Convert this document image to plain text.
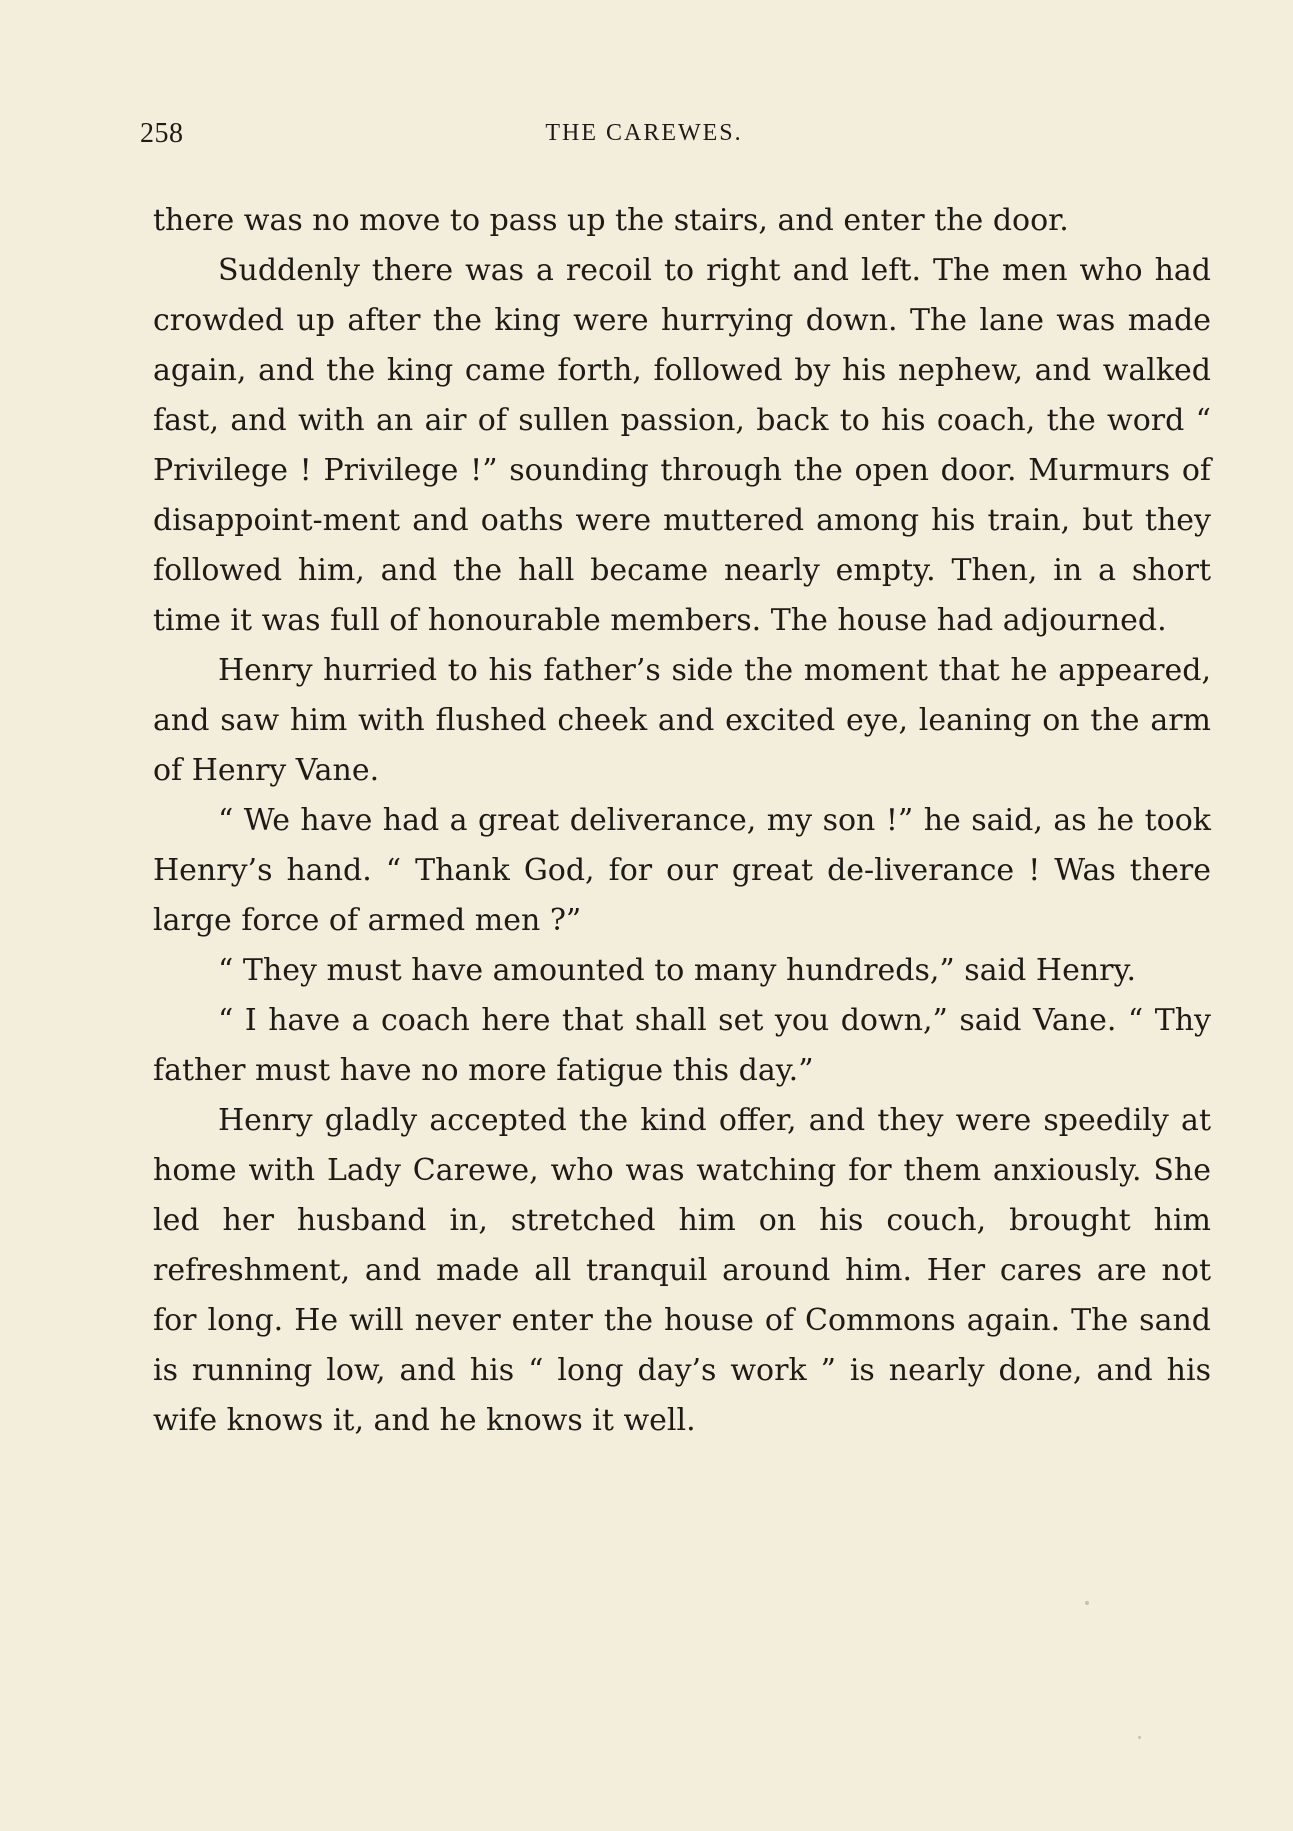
258	THE CAREWES.

there was no move to pass up the stairs, and enter the door.

Suddenly there was a recoil to right and left. The men who had crowded up after the king were hurrying down. The lane was made again, and the king came forth, followed by his nephew, and walked fast, and with an air of sullen passion, back to his coach, the word “ Privilege ! Privilege !” sounding through the open door. Murmurs of disappoint-ment and oaths were muttered among his train, but they followed him, and the hall became nearly empty. Then, in a short time it was full of honourable members. The house had adjourned.

Henry hurried to his father’s side the moment that he appeared, and saw him with flushed cheek and excited eye, leaning on the arm of Henry Vane.

“ We have had a great deliverance, my son !” he said, as he took Henry’s hand. “ Thank God, for our great de-liverance ! Was there large force of armed men ?”

“ They must have amounted to many hundreds,” said Henry.

“ I have a coach here that shall set you down,” said Vane. “ Thy father must have no more fatigue this day.”

Henry gladly accepted the kind offer, and they were speedily at home with Lady Carewe, who was watching for them anxiously. She led her husband in, stretched him on his couch, brought him refreshment, and made all tranquil around him. Her cares are not for long. He will never enter the house of Commons again. The sand is running low, and his “ long day’s work ” is nearly done, and his wife knows it, and he knows it well.
